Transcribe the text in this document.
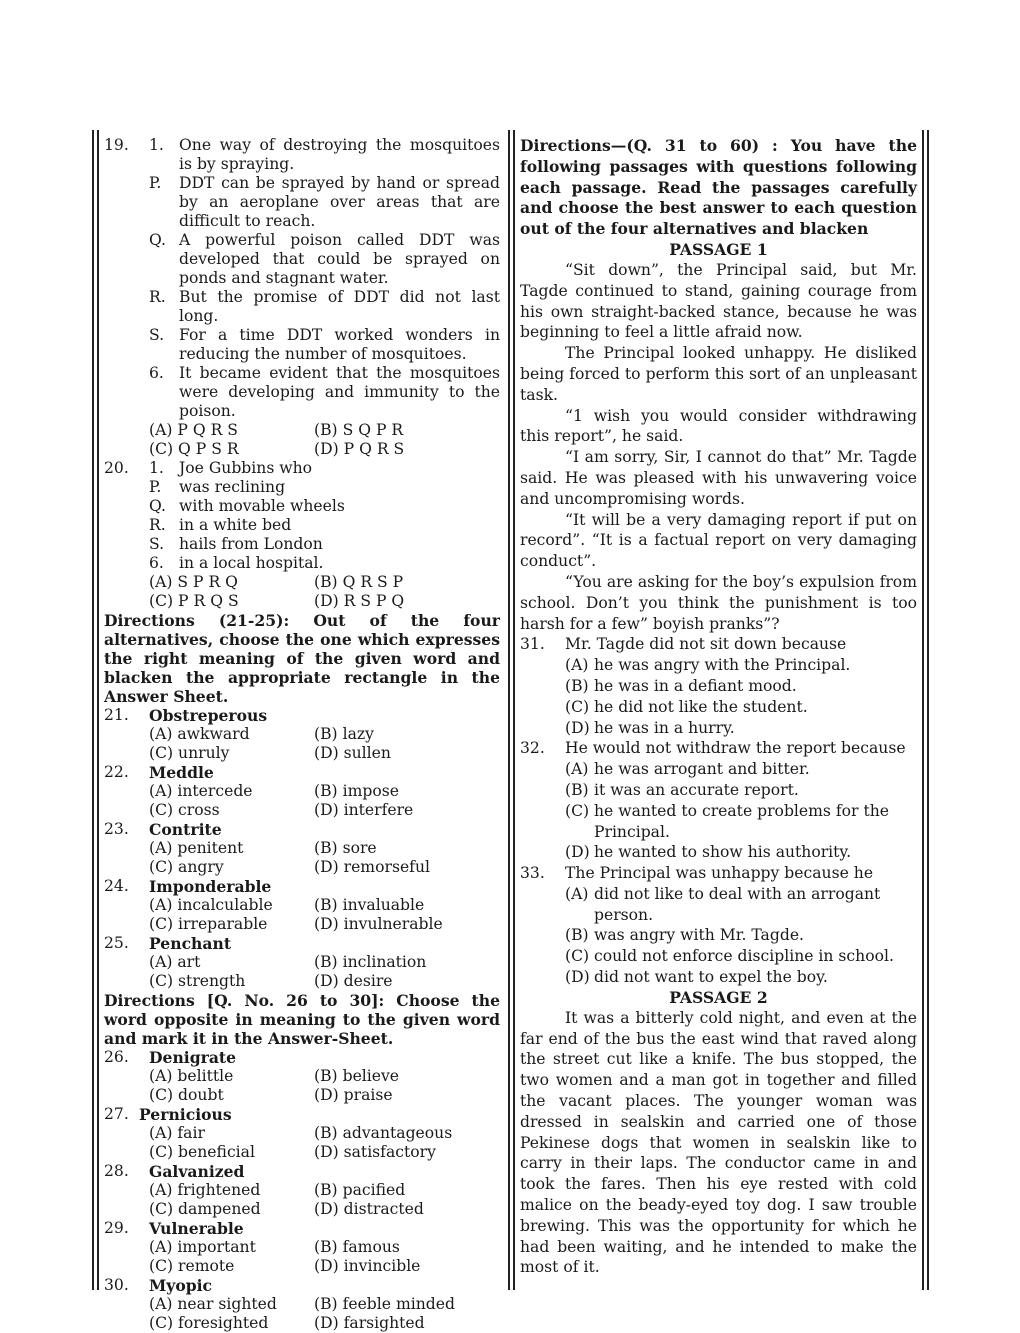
19. 1. One way of destroying the mosquitoes is by spraying.
P. DDT can be sprayed by hand or spread by an aeroplane over areas that are difficult to reach.
Q. A powerful poison called DDT was developed that could be sprayed on ponds and stagnant water.
R. But the promise of DDT did not last long.
S. For a time DDT worked wonders in reducing the number of mosquitoes.
6. It became evident that the mosquitoes were developing and immunity to the poison.
(A) P Q R S	(B) S Q P R
(C) Q P S R	(D) P Q R S
20. 1. Joe Gubbins who
P. was reclining
Q. with movable wheels
R. in a white bed
S. hails from London
6. in a local hospital.
(A) S P R Q	(B) Q R S P
(C) P R Q S	(D) R S P Q
Directions (21-25): Out of the four alternatives, choose the one which expresses the right meaning of the given word and blacken the appropriate rectangle in the Answer Sheet.
21. Obstreperous
(A) awkward	(B) lazy
(C) unruly	(D) sullen
22. Meddle
(A) intercede	(B) impose
(C) cross	(D) interfere
23. Contrite
(A) penitent	(B) sore
(C) angry	(D) remorseful
24. Imponderable
(A) incalculable	(B) invaluable
(C) irreparable	(D) invulnerable
25. Penchant
(A) art	(B) inclination
(C) strength	(D) desire
Directions [Q. No. 26 to 30]: Choose the word opposite in meaning to the given word and mark it in the Answer-Sheet.
26. Denigrate
(A) belittle	(B) believe
(C) doubt	(D) praise
27. Pernicious
(A) fair	(B) advantageous
(C) beneficial	(D) satisfactory
28. Galvanized
(A) frightened	(B) pacified
(C) dampened	(D) distracted
29. Vulnerable
(A) important	(B) famous
(C) remote	(D) invincible
30. Myopic
(A) near sighted (B) feeble minded
(C) foresighted	(D) farsighted
Directions—(Q. 31 to 60) : You have the following passages with questions following each passage. Read the passages carefully and choose the best answer to each question out of the four alternatives and blacken
PASSAGE 1
“Sit down”, the Principal said, but Mr. Tagde continued to stand, gaining courage from his own straight-backed stance, because he was beginning to feel a little afraid now.
The Principal looked unhappy. He disliked being forced to perform this sort of an unpleasant task.
“1 wish you would consider withdrawing this report”, he said.
“I am sorry, Sir, I cannot do that” Mr. Tagde said. He was pleased with his unwavering voice and uncompromising words.
“It will be a very damaging report if put on record”. “It is a factual report on very damaging conduct”.
“You are asking for the boy’s expulsion from school. Don’t you think the punishment is too harsh for a few” boyish pranks”?
31. Mr. Tagde did not sit down because
(A) he was angry with the Principal.
(B) he was in a defiant mood.
(C) he did not like the student.
(D) he was in a hurry.
32. He would not withdraw the report because
(A) he was arrogant and bitter.
(B) it was an accurate report.
(C) he wanted to create problems for the Principal.
(D) he wanted to show his authority.
33. The Principal was unhappy because he
(A) did not like to deal with an arrogant person.
(B) was angry with Mr. Tagde.
(C) could not enforce discipline in school.
(D) did not want to expel the boy.
PASSAGE 2
It was a bitterly cold night, and even at the far end of the bus the east wind that raved along the street cut like a knife. The bus stopped, the two women and a man got in together and filled the vacant places. The younger woman was dressed in sealskin and carried one of those Pekinese dogs that women in sealskin like to carry in their laps. The conductor came in and took the fares. Then his eye rested with cold malice on the beady-eyed toy dog. I saw trouble brewing. This was the opportunity for which he had been waiting, and he intended to make the most of it.
